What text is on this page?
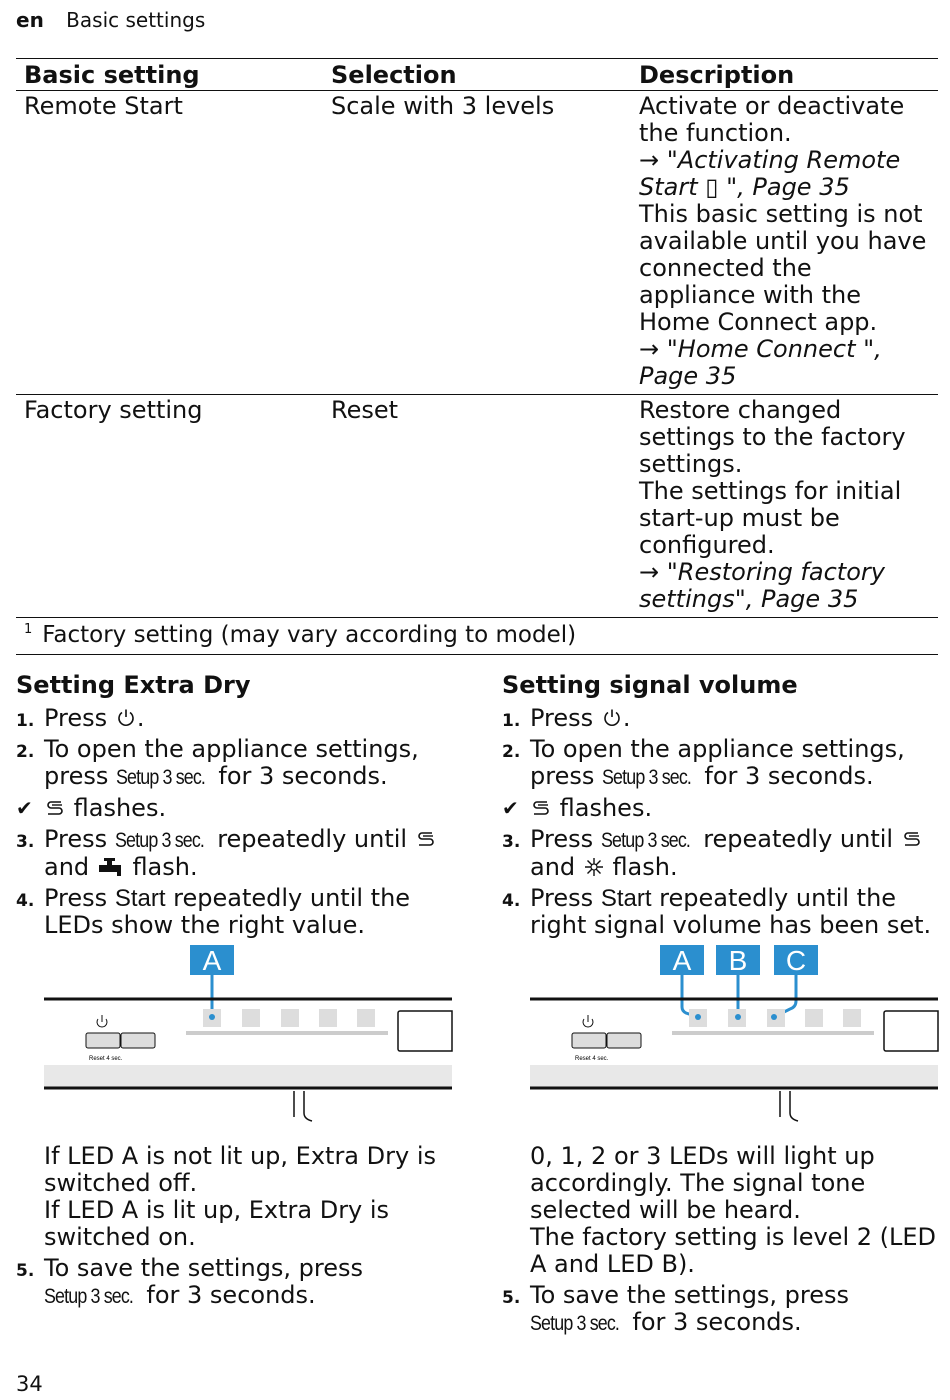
en Basic settings
Basic setting	Selection	Description
Remote Start	Scale with 3 levels	Activate or deactivate the function.
→ "Activating Remote Start ▯ ", Page 35
This basic setting is not available until you have connected the appliance with the Home Connect app.
→ "Home Connect ", Page 35

Factory setting	Reset	Restore changed settings to the factory settings.
The settings for initial start-up must be configured.
→ "Restoring factory settings", Page 35
$^1$ Factory setting (may vary according to model)
Setting Extra Dry
1. Press .
2. To open the appliance settings, press Setup 3 sec. for 3 seconds.
✔ flashes.
3. Press Setup 3 sec. repeatedly until  and flash.
4. Press Start repeatedly until the LEDs show the right value.
A
Reset 4 sec.
If LED A is not lit up, Extra Dry is switched off.
If LED A is lit up, Extra Dry is switched on.
5. To save the settings, press Setup 3 sec. for 3 seconds.
Setting signal volume
1. Press .
2. To open the appliance settings, press Setup 3 sec. for 3 seconds.
✔ flashes.
3. Press Setup 3 sec. repeatedly until  and flash.
4. Press Start repeatedly until the right signal volume has been set.
A B C
Reset 4 sec.
0, 1, 2 or 3 LEDs will light up accordingly. The signal tone selected will be heard.
The factory setting is level 2 (LED A and LED B).
5. To save the settings, press Setup 3 sec. for 3 seconds.
34
